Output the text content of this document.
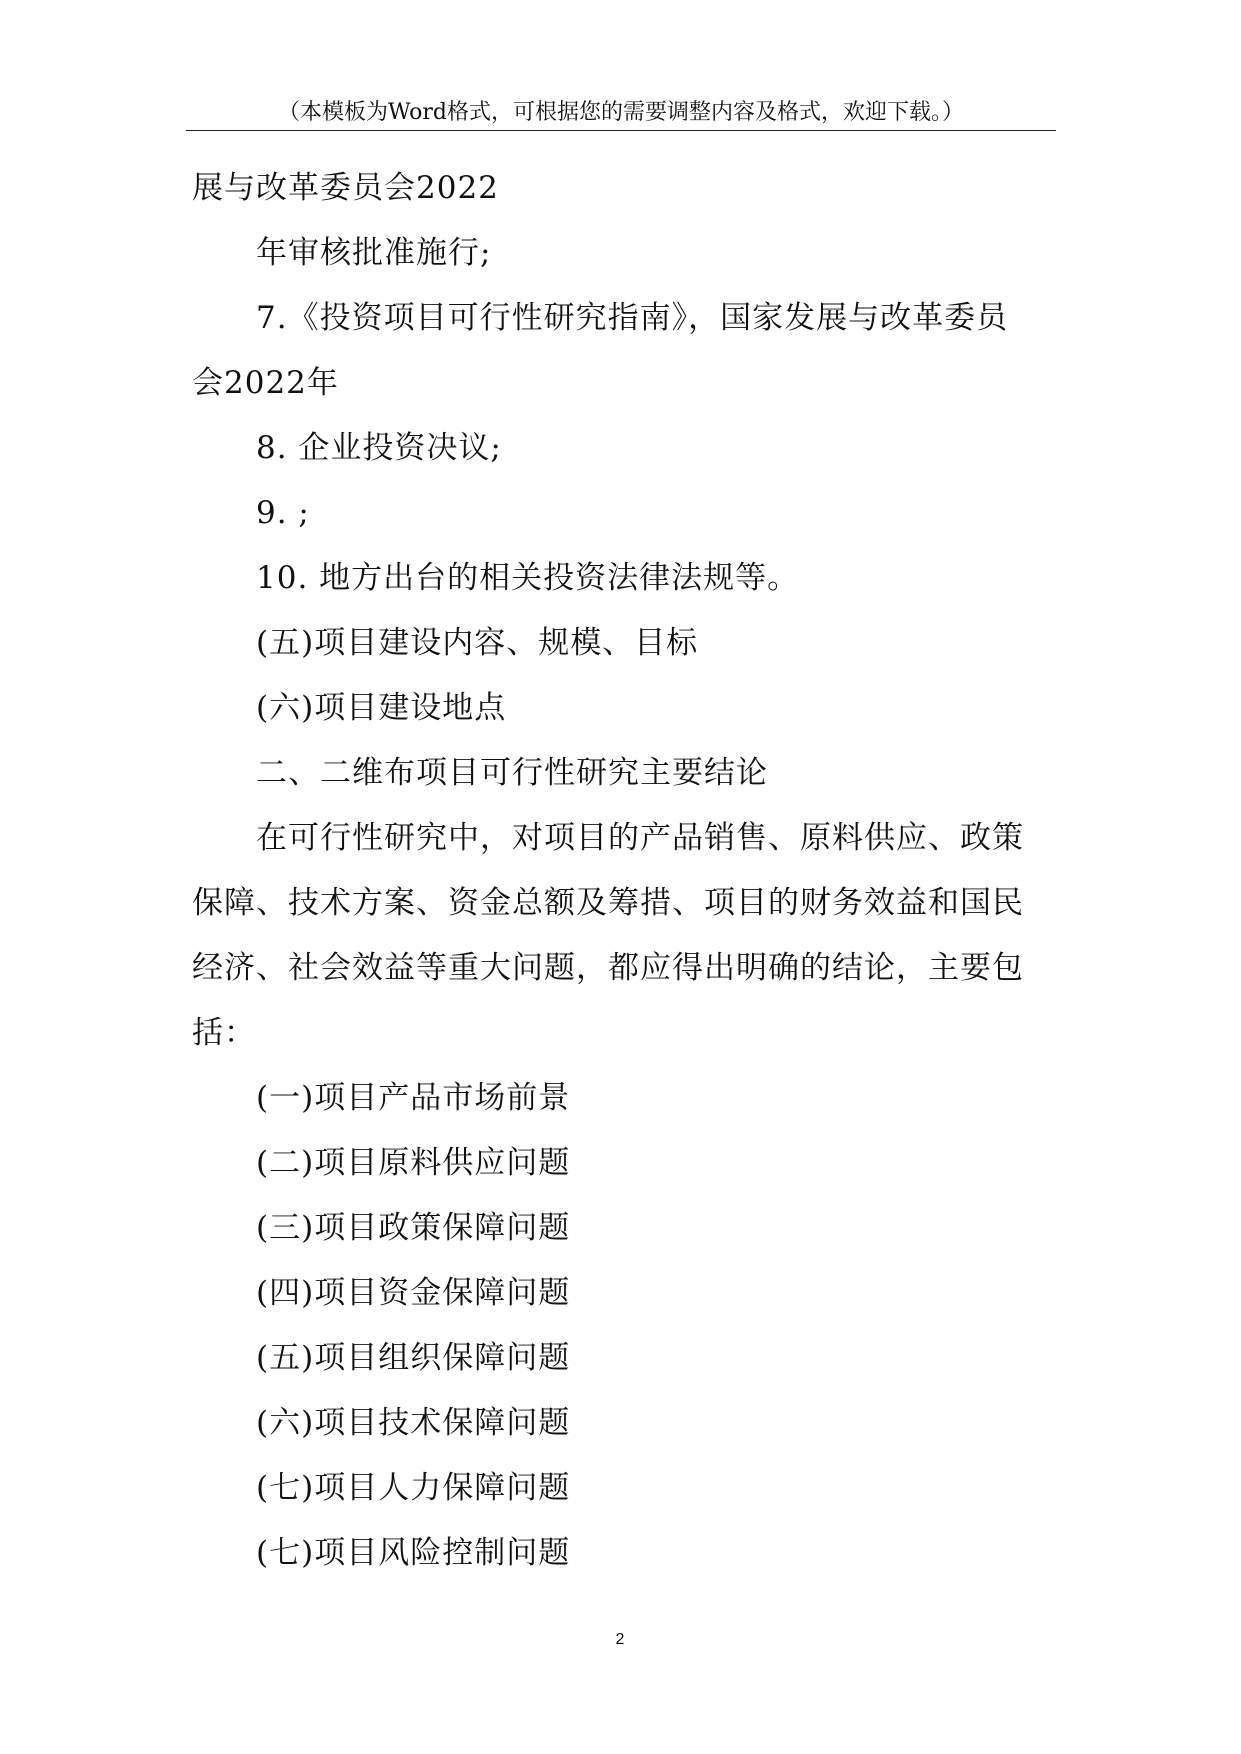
（本模板为Word格式，可根据您的需要调整内容及格式，欢迎下载。）

展与改革委员会2022

年审核批准施行;

7.《投资项目可行性研究指南》，国家发展与改革委员

会2022年

8. 企业投资决议;

9. ;

10. 地方出台的相关投资法律法规等。

(五)项目建设内容、规模、目标

(六)项目建设地点

二、二维布项目可行性研究主要结论

在可行性研究中，对项目的产品销售、原料供应、政策

保障、技术方案、资金总额及筹措、项目的财务效益和国民

经济、社会效益等重大问题，都应得出明确的结论，主要包

括：

(一)项目产品市场前景

(二)项目原料供应问题

(三)项目政策保障问题

(四)项目资金保障问题

(五)项目组织保障问题

(六)项目技术保障问题

(七)项目人力保障问题

(七)项目风险控制问题

2
